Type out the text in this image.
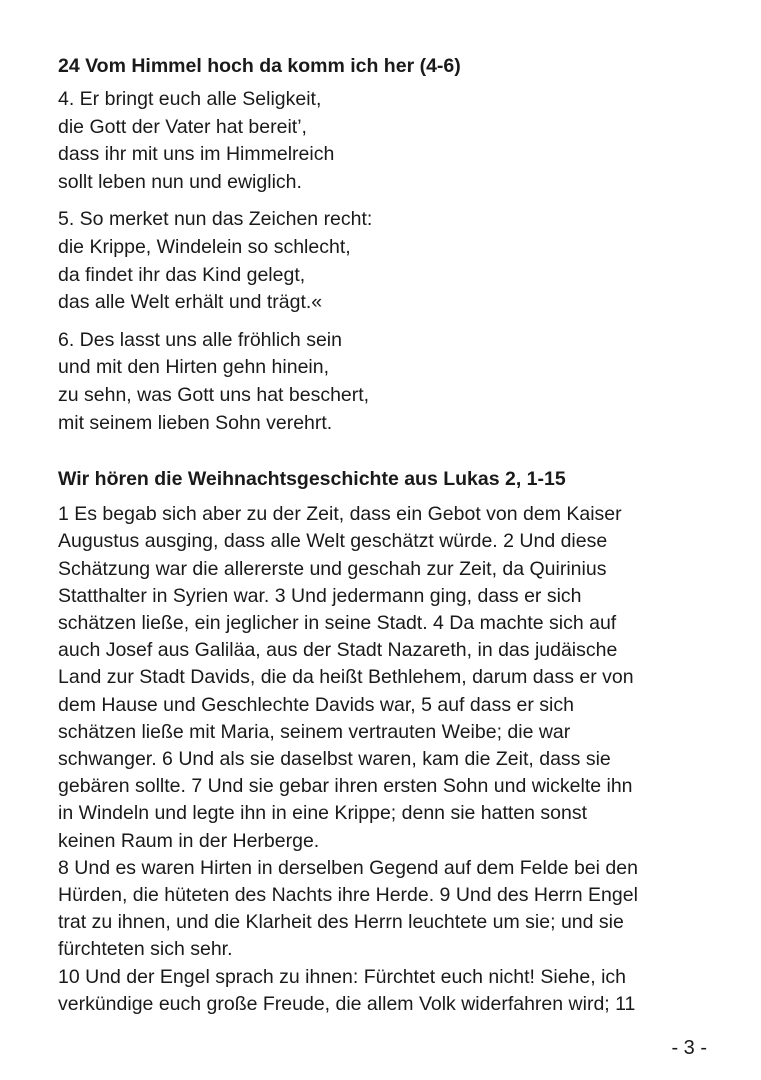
24 Vom Himmel hoch da komm ich her (4-6)
4. Er bringt euch alle Seligkeit,
die Gott der Vater hat bereit’,
dass ihr mit uns im Himmelreich
sollt leben nun und ewiglich.
5. So merket nun das Zeichen recht:
die Krippe, Windelein so schlecht,
da findet ihr das Kind gelegt,
das alle Welt erhält und trägt.«
6. Des lasst uns alle fröhlich sein
und mit den Hirten gehn hinein,
zu sehn, was Gott uns hat beschert,
mit seinem lieben Sohn verehrt.
Wir hören die Weihnachtsgeschichte aus Lukas 2, 1-15
1 Es begab sich aber zu der Zeit, dass ein Gebot von dem Kaiser
Augustus ausging, dass alle Welt geschätzt würde. 2 Und diese
Schätzung war die allererste und geschah zur Zeit, da Quirinius
Statthalter in Syrien war. 3 Und jedermann ging, dass er sich
schätzen ließe, ein jeglicher in seine Stadt. 4 Da machte sich auf
auch Josef aus Galiläa, aus der Stadt Nazareth, in das judäische
Land zur Stadt Davids, die da heißt Bethlehem, darum dass er von
dem Hause und Geschlechte Davids war, 5 auf dass er sich
schätzen ließe mit Maria, seinem vertrauten Weibe; die war
schwanger. 6 Und als sie daselbst waren, kam die Zeit, dass sie
gebären sollte. 7 Und sie gebar ihren ersten Sohn und wickelte ihn
in Windeln und legte ihn in eine Krippe; denn sie hatten sonst
keinen Raum in der Herberge.
8 Und es waren Hirten in derselben Gegend auf dem Felde bei den
Hürden, die hüteten des Nachts ihre Herde. 9 Und des Herrn Engel
trat zu ihnen, und die Klarheit des Herrn leuchtete um sie; und sie
fürchteten sich sehr.
10 Und der Engel sprach zu ihnen: Fürchtet euch nicht! Siehe, ich
verkündige euch große Freude, die allem Volk widerfahren wird; 11
- 3 -
